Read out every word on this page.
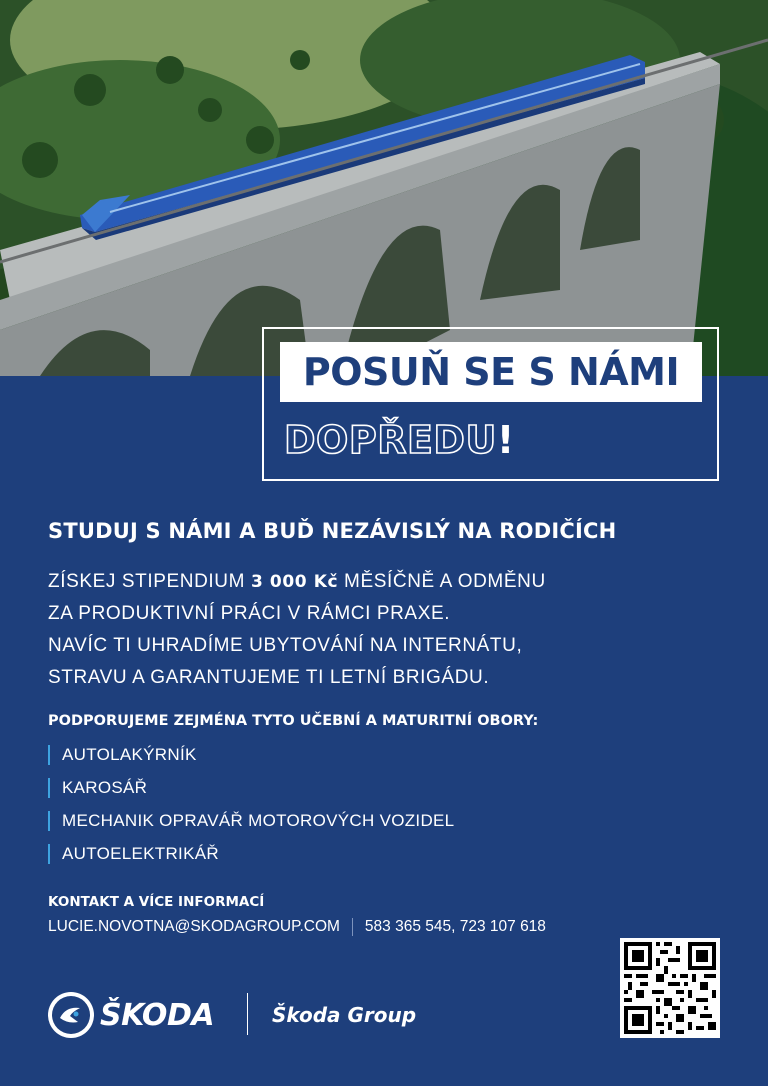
POSUŇ SE S NÁMI
DOPŘEDU !
STUDUJ S NÁMI A BUĎ NEZÁVISLÝ NA RODIČÍCH
ZÍSKEJ STIPENDIUM 3 000 Kč MĚSÍČNĚ A ODMĚNU
ZA PRODUKTIVNÍ PRÁCI V RÁMCI PRAXE.
NAVÍC TI UHRADÍME UBYTOVÁNÍ NA INTERNÁTU,
STRAVU A GARANTUJEME TI LETNÍ BRIGÁDU.
PODPORUJEME ZEJMÉNA TYTO UČEBNÍ A MATURITNÍ OBORY:
AUTOLAKÝRNÍK
KAROSÁŘ
MECHANIK OPRAVÁŘ MOTOROVÝCH VOZIDEL
AUTOELEKTRIKÁŘ
KONTAKT A VÍCE INFORMACÍ
LUCIE.NOVOTNA@SKODAGROUP.COM 583 365 545, 723 107 618
ŠKODA	Škoda Group
